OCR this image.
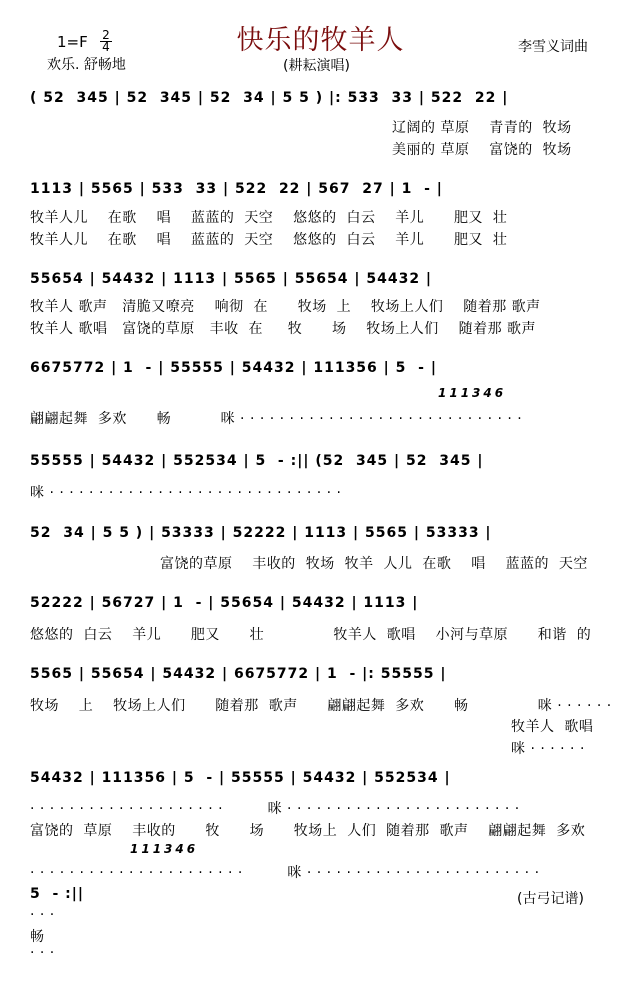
$1=F \frac{2}{4}$	快乐的牧羊人
欢乐. 舒畅地	(耕耘演唱)
李雪义词曲
( 52  345 | 52  345 | 52  34 | 5 5 ) |: 533  33 | 522  22 |
辽阔的 草原    青青的  牧场
美丽的 草原    富饶的  牧场
1113 | 5565 | 533  33 | 522  22 | 567  27 | 1  - |
牧羊人儿    在歌    唱    蓝蓝的  天空    悠悠的  白云    羊儿      肥又  壮
牧羊人儿    在歌    唱    蓝蓝的  天空    悠悠的  白云    羊儿      肥又  壮
55654 | 54432 | 1113 | 5565 | 55654 | 54432 |
牧羊人 歌声   清脆又嘹亮    响彻  在      牧场  上    牧场上人们    随着那 歌声
牧羊人 歌唱   富饶的草原   丰收  在     牧      场    牧场上人们    随着那 歌声
6675772 | 1  - | 55555 | 54432 | 111356 | 5  - |
111346
翩翩起舞  多欢      畅          咪 · · · · · · · · · · · · · · · · · · · · · · · · · · · · ·
55555 | 54432 | 552534 | 5  - :|| (52  345 | 52  345 |
咪 · · · · · · · · · · · · · · · · · · · · · · · · · · · · · ·
52  34 | 5 5 ) | 53333 | 52222 | 1113 | 5565 | 53333 |
富饶的草原    丰收的  牧场  牧羊  人儿  在歌    唱    蓝蓝的  天空
52222 | 56727 | 1  - | 55654 | 54432 | 1113 |
悠悠的  白云    羊儿      肥又      壮              牧羊人  歌唱    小河与草原      和谐  的
5565 | 55654 | 54432 | 6675772 | 1  - |: 55555 |
牧场    上    牧场上人们      随着那  歌声      翩翩起舞  多欢      畅              咪 · · · · · ·
牧羊人  歌唱
咪 · · · · · ·
54432 | 111356 | 5  - | 55555 | 54432 | 552534 |
· · · · · · · · · · · · · · · · · · · ·         咪 · · · · · · · · · · · · · · · · · · · · · · · ·
富饶的  草原    丰收的      牧      场      牧场上  人们  随着那  歌声    翩翩起舞  多欢
111346
· · · · · · · · · · · · · · · · · · · · · ·         咪 · · · · · · · · · · · · · · · · · · · · · · · ·
5  - :||
· · ·
畅
· · ·
(古弓记谱)
